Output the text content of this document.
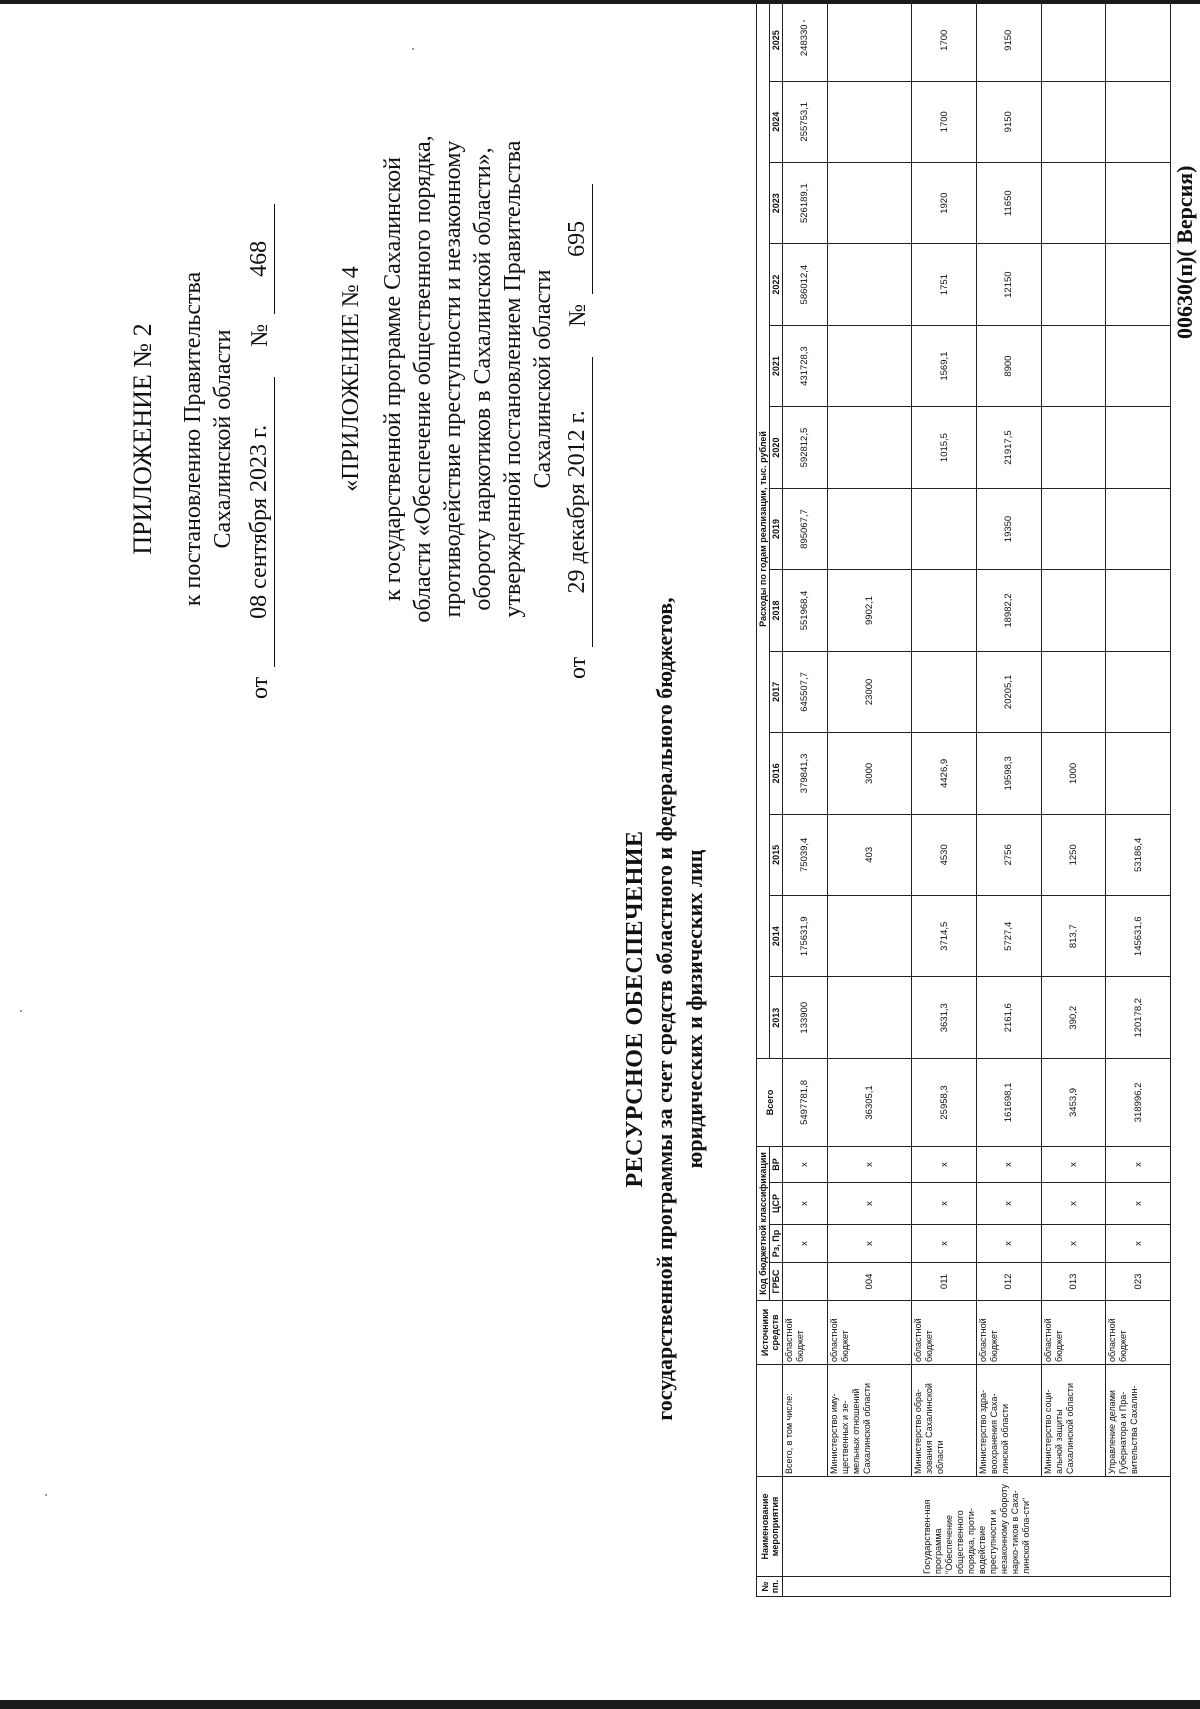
ПРИЛОЖЕНИЕ № 2 к постановлению Правительства Сахалинской области
от
08 сентября 2023 г.
№
468
«ПРИЛОЖЕНИЕ № 4 к государственной программе Сахалинской области «Обеспечение общественного порядка, противодействие преступности и незаконному обороту наркотиков в Сахалинской области», утвержденной постановлением Правительства Сахалинской области
от
29 декабря 2012 г.
№
695
РЕСУРСНОЕ ОБЕСПЕЧЕНИЕ государственной программы за счет средств областного и федерального бюджетов, юридических и физических лиц
№ пп.	Наименование мероприятия		Источники средств	Код бюджетной классификации				Всего	Расходы по годам реализации, тыс. рублей												
				ГРБС	Рз, Пр	ЦСР	ВР		2013	2014	2015	2016	2017	2018	2019	2020	2021	2022	2023	2024	2025
	Государствен-ная программа "Обеспечение общественного порядка, проти-водействие преступности и незаконному обороту нарко-тиков в Саха-линской обла-сти"	Всего, в том числе:	областной бюджет		x	x	x	5497781,8	133900	175631,9	75039,4	379841,3	645507,7	551968,4	895067,7	592812,5	431728,3	586012,4	526189,1	255753,1	248330
		Министерство иму-щественных и зе-мельных отношений Сахалинской области	областной бюджет	004	x	x	x	36305,1			403	3000	23000	9902,1							
		Министерство обра-зования Сахалинской области	областной бюджет	011	x	x	x	25958,3	3631,3	3714,5	4530	4426,9				1015,5	1569,1	1751	1920	1700	1700
		Министерство здра-воохранения Саха-линской области	областной бюджет	012	x	x	x	161698,1	2161,6	5727,4	2756	19598,3	20205,1	18982,2	19350	21917,5	8900	12150	11650	9150	9150
		Министерство соци-альной защиты Сахалинской области	областной бюджет	013	x	x	x	3453,9	390,2	813,7	1250	1000									
		Управление делами Губернатора и Пра-вительства Сахалин-	областной бюджет	023	x	x	x	318996,2	120178,2	145631,6	53186,4										
00630(п)( Версия)
